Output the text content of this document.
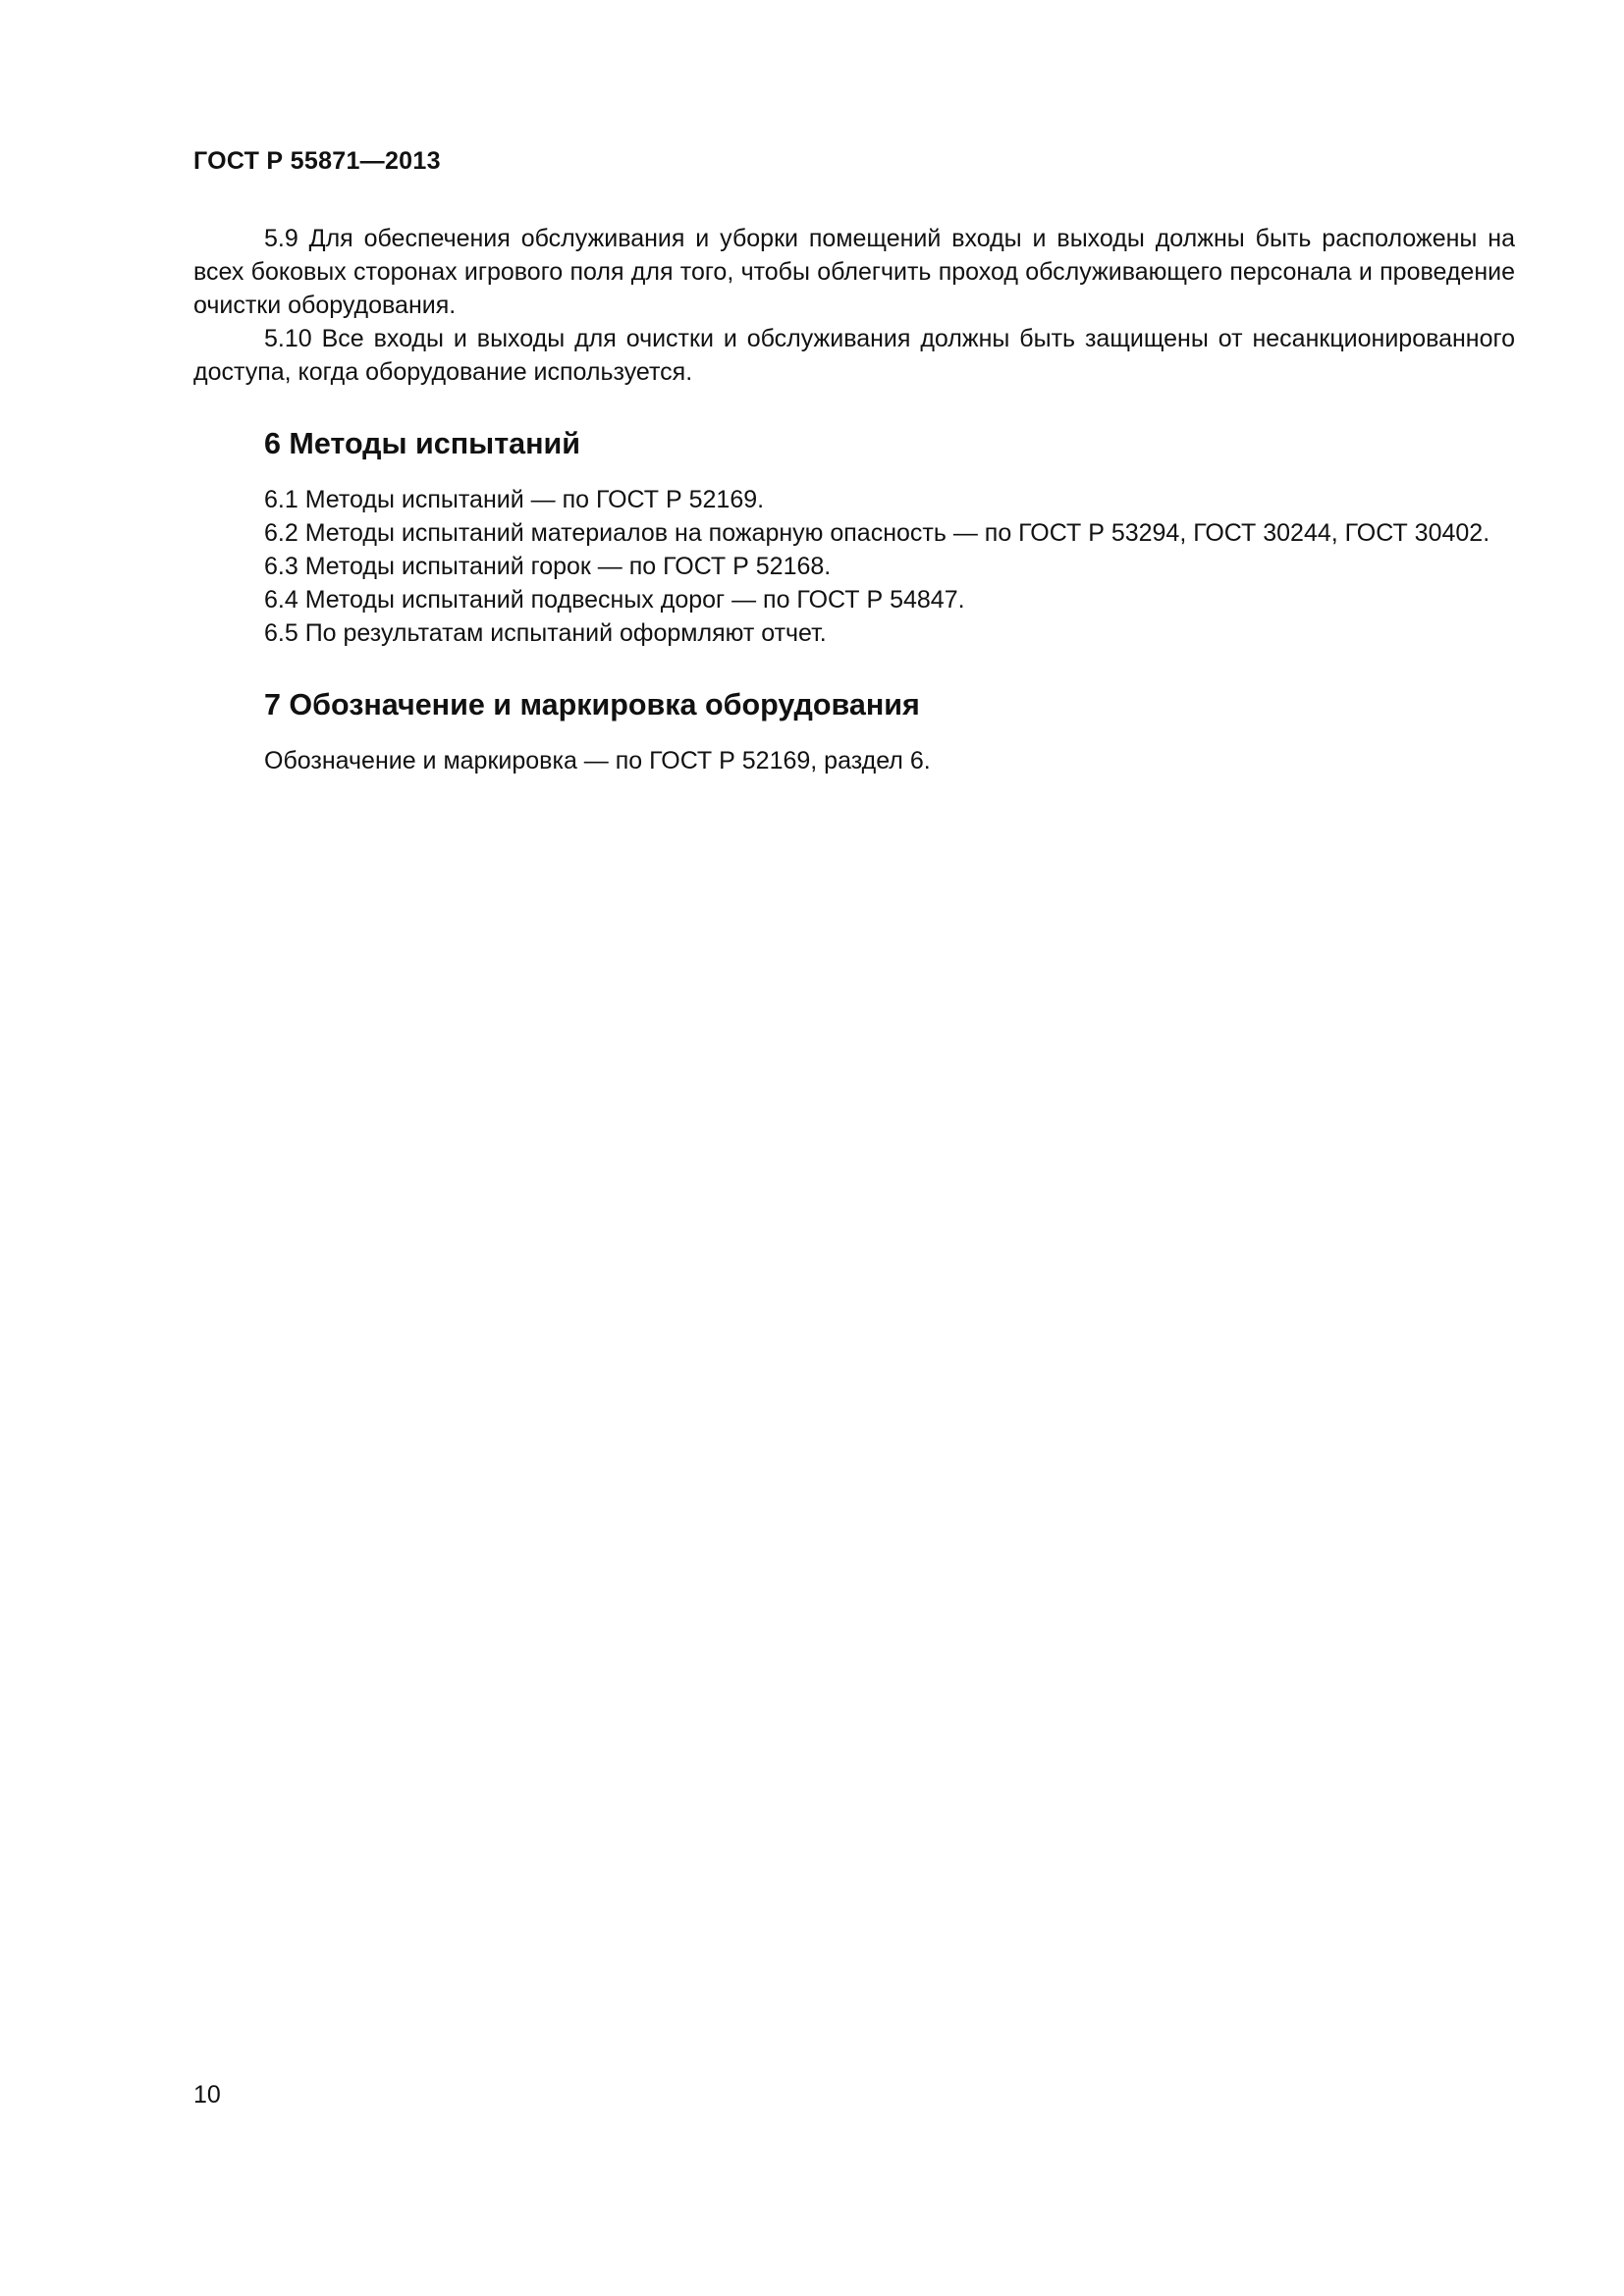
ГОСТ Р 55871—2013

5.9 Для обеспечения обслуживания и уборки помещений входы и выходы должны быть расположены на всех боковых сторонах игрового поля для того, чтобы облегчить проход обслуживающего персонала и проведение очистки оборудования.

5.10 Все входы и выходы для очистки и обслуживания должны быть защищены от несанкционированного доступа, когда оборудование используется.

6 Методы испытаний

6.1 Методы испытаний — по ГОСТ Р 52169.

6.2 Методы испытаний материалов на пожарную опасность — по ГОСТ Р 53294, ГОСТ 30244, ГОСТ 30402.

6.3 Методы испытаний горок — по ГОСТ Р 52168.

6.4 Методы испытаний подвесных дорог — по ГОСТ Р 54847.

6.5 По результатам испытаний оформляют отчет.

7 Обозначение и маркировка оборудования

Обозначение и маркировка — по ГОСТ Р 52169, раздел 6.

10
